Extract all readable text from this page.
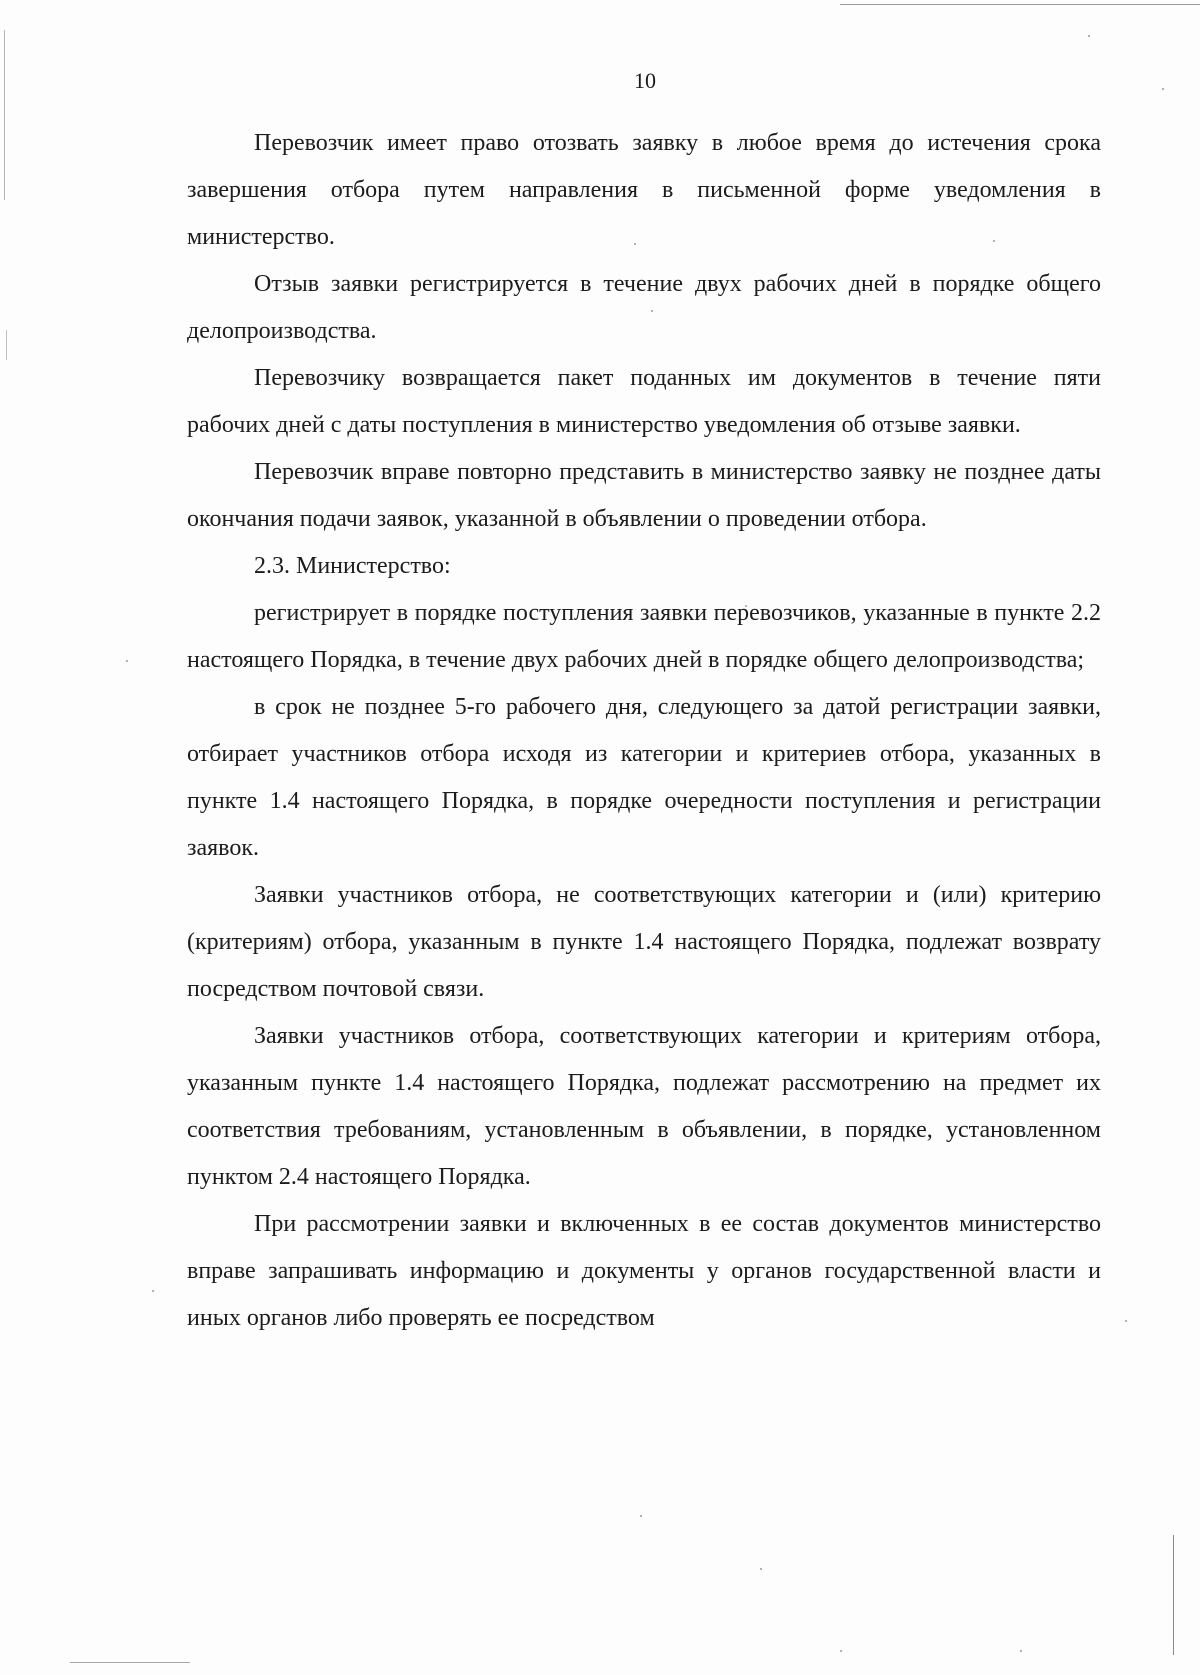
10

Перевозчик имеет право отозвать заявку в любое время до истечения срока завершения отбора путем направления в письменной форме уведомления в министерство.

Отзыв заявки регистрируется в течение двух рабочих дней в порядке общего делопроизводства.

Перевозчику возвращается пакет поданных им документов в течение пяти рабочих дней с даты поступления в министерство уведомления об отзыве заявки.

Перевозчик вправе повторно представить в министерство заявку не позднее даты окончания подачи заявок, указанной в объявлении о проведении отбора.

2.3. Министерство:

регистрирует в порядке поступления заявки перевозчиков, указанные в пункте 2.2 настоящего Порядка, в течение двух рабочих дней в порядке общего делопроизводства;

в срок не позднее 5-го рабочего дня, следующего за датой регистрации заявки, отбирает участников отбора исходя из категории и критериев отбора, указанных в пункте 1.4 настоящего Порядка, в порядке очередности поступления и регистрации заявок.

Заявки участников отбора, не соответствующих категории и (или) критерию (критериям) отбора, указанным в пункте 1.4 настоящего Порядка, подлежат возврату посредством почтовой связи.

Заявки участников отбора, соответствующих категории и критериям отбора, указанным пункте 1.4 настоящего Порядка, подлежат рассмотрению на предмет их соответствия требованиям, установленным в объявлении, в порядке, установленном пунктом 2.4 настоящего Порядка.

При рассмотрении заявки и включенных в ее состав документов министерство вправе запрашивать информацию и документы у органов государственной власти и иных органов либо проверять ее посредством
